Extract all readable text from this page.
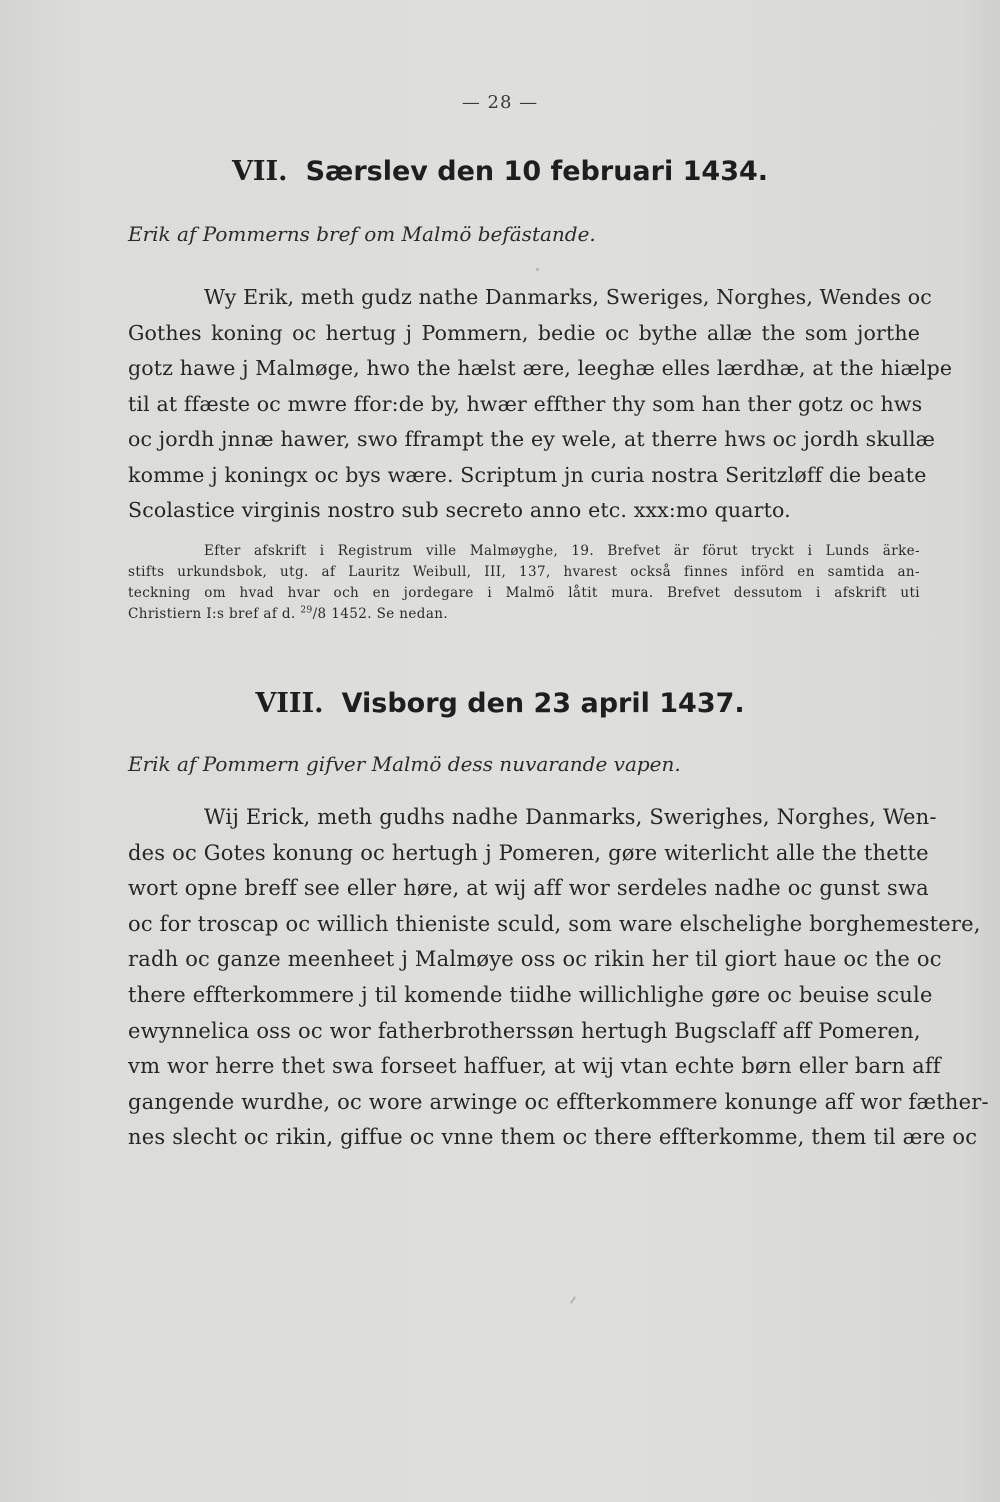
— 28 —
VII. Særslev den 10 februari 1434.
Erik af Pommerns bref om Malmö befästande.
Wy Erik, meth gudz nathe Danmarks, Sweriges, Norghes, Wendes oc
Gothes koning oc hertug j Pommern, bedie oc bythe allæ the som jorthe
gotz hawe j Malmøge, hwo the hælst ære, leeghæ elles lærdhæ, at the hiælpe
til at ffæste oc mwre ffor:de by, hwær effther thy som han ther gotz oc hws
oc jordh jnnæ hawer, swo fframpt the ey wele, at therre hws oc jordh skullæ
komme j koningx oc bys wære. Scriptum jn curia nostra Seritzløff die beate
Scolastice virginis nostro sub secreto anno etc. xxx:mo quarto.
Efter afskrift i Registrum ville Malmøyghe, 19. Brefvet är förut tryckt i Lunds ärke-
stifts urkundsbok, utg. af Lauritz Weibull, III, 137, hvarest också finnes införd en samtida an-
teckning om hvad hvar och en jordegare i Malmö låtit mura. Brefvet dessutom i afskrift uti
Christiern I:s bref af d. $^{29}$/8 1452. Se nedan.
VIII. Visborg den 23 april 1437.
Erik af Pommern gifver Malmö dess nuvarande vapen.
Wij Erick, meth gudhs nadhe Danmarks, Swerighes, Norghes, Wen-
des oc Gotes konung oc hertugh j Pomeren, gøre witerlicht alle the thette
wort opne breff see eller høre, at wij aff wor serdeles nadhe oc gunst swa
oc for troscap oc willich thieniste sculd, som ware elschelighe borghemestere,
radh oc ganze meenheet j Malmøye oss oc rikin her til giort haue oc the oc
there effterkommere j til komende tiidhe willichlighe gøre oc beuise scule
ewynnelica oss oc wor fatherbrotherssøn hertugh Bugsclaff aff Pomeren,
vm wor herre thet swa forseet haffuer, at wij vtan echte børn eller barn aff
gangende wurdhe, oc wore arwinge oc effterkommere konunge aff wor fæther-
nes slecht oc rikin, giffue oc vnne them oc there effterkomme, them til ære oc
